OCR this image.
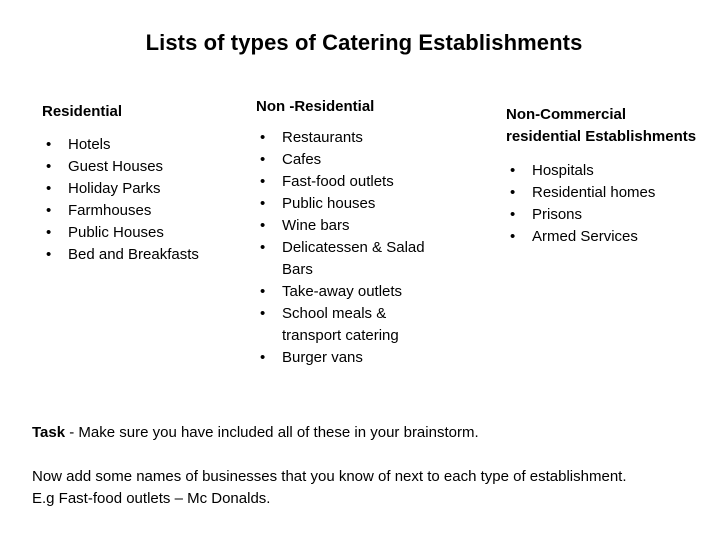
Lists of types of Catering Establishments
Residential
• Hotels
• Guest Houses
• Holiday Parks
• Farmhouses
• Public Houses
• Bed and Breakfasts
Non -Residential
• Restaurants
• Cafes
• Fast-food outlets
• Public houses
• Wine bars
• Delicatessen & Salad Bars
• Take-away outlets
• School meals & transport catering
• Burger vans
Non-Commercial
residential Establishments
• Hospitals
• Residential homes
• Prisons
• Armed Services

Task - Make sure you have included all of these in your brainstorm.

Now add some names of businesses that you know of next to each type of establishment.

E.g Fast-food outlets – Mc Donalds.
